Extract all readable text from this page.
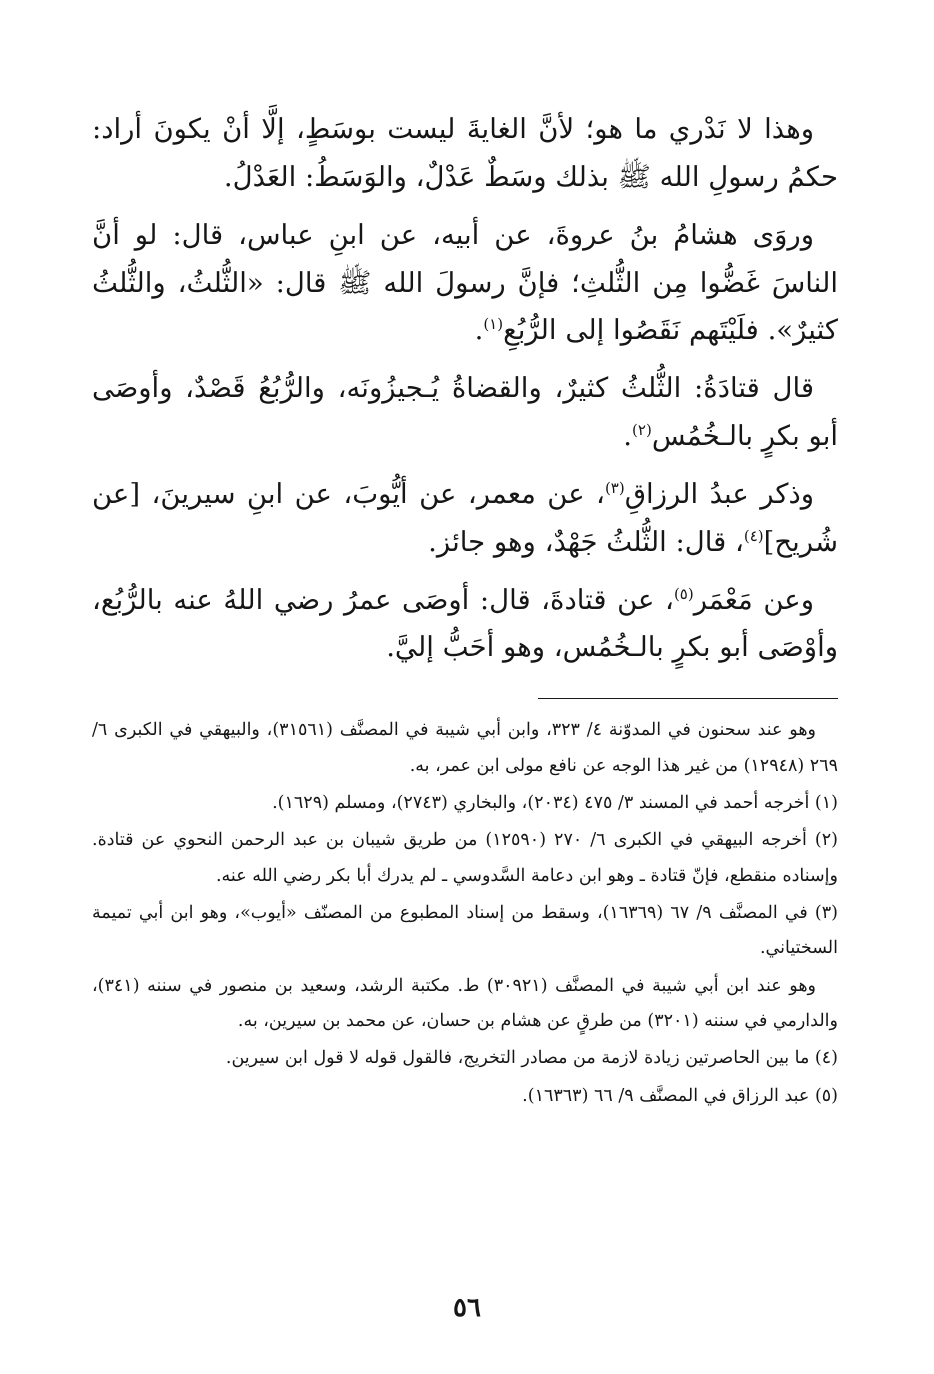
وهذا لا نَدْري ما هو؛ لأنَّ الغايةَ ليست بوسَطٍ، إلَّا أنْ يكونَ أراد: حكمُ رسولِ الله ﷺ بذلك وسَطٌ عَدْلٌ، والوَسَطُ: العَدْلُ.

وروَى هشامُ بنُ عروةَ، عن أبيه، عن ابنِ عباس، قال: لو أنَّ الناسَ غَضُّوا مِن الثُّلثِ؛ فإنَّ رسولَ الله ﷺ قال: «الثُّلثُ، والثُّلثُ كثيرٌ». فلَيْتَهم نَقَصُوا إلى الرُّبُعِ$^{(١)}$.

قال قتادَةُ: الثُّلثُ كثيرٌ، والقضاةُ يُـجيزُونَه، والرُّبُعُ قَصْدٌ، وأوصَى أبو بكرٍ بالـخُمُس$^{(٢)}$.

وذكر عبدُ الرزاقِ$^{(٣)}$، عن معمر، عن أيُّوبَ، عن ابنِ سيرينَ، [عن شُريح]$^{(٤)}$، قال: الثُّلثُ جَهْدٌ، وهو جائز.

وعن مَعْمَر$^{(٥)}$، عن قتادةَ، قال: أوصَى عمرُ رضي اللهُ عنه بالرُّبُع، وأوْصَى أبو بكرٍ بالـخُمُس، وهو أحَبُّ إليَّ.

وهو عند سحنون في المدوّنة ٤/ ٣٢٣، وابن أبي شيبة في المصنَّف (٣١٥٦١)، والبيهقي في الكبرى ٦/ ٢٦٩ (١٢٩٤٨) من غير هذا الوجه عن نافع مولى ابن عمر، به.

(١) أخرجه أحمد في المسند ٣/ ٤٧٥ (٢٠٣٤)، والبخاري (٢٧٤٣)، ومسلم (١٦٢٩).

(٢) أخرجه البيهقي في الكبرى ٦/ ٢٧٠ (١٢٥٩٠) من طريق شيبان بن عبد الرحمن النحوي عن قتادة. وإسناده منقطع، فإنّ قتادة ـ وهو ابن دعامة السَّدوسي ـ لم يدرك أبا بكر رضي الله عنه.

(٣) في المصنَّف ٩/ ٦٧ (١٦٣٦٩)، وسقط من إسناد المطبوع من المصنّف «أيوب»، وهو ابن أبي تميمة السختياني.

وهو عند ابن أبي شيبة في المصنَّف (٣٠٩٢١) ط. مكتبة الرشد، وسعيد بن منصور في سننه (٣٤١)، والدارمي في سننه (٣٢٠١) من طرقٍ عن هشام بن حسان، عن محمد بن سيرين، به.

(٤) ما بين الحاصرتين زيادة لازمة من مصادر التخريج، فالقول قوله لا قول ابن سيرين.

(٥) عبد الرزاق في المصنَّف ٩/ ٦٦ (١٦٣٦٣).

٥٦
